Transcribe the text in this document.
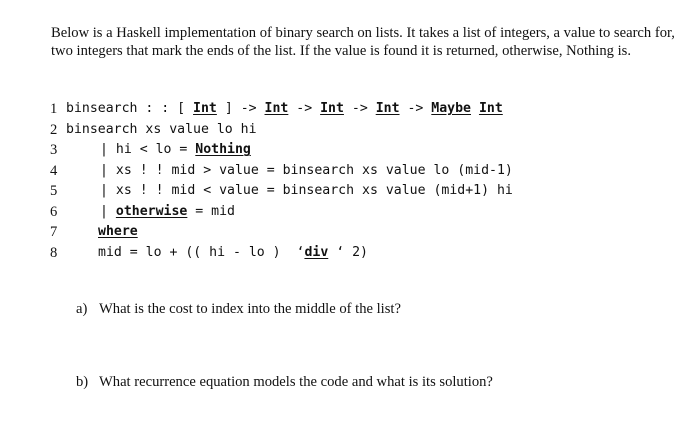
Below is a Haskell implementation of binary search on lists. It takes a list of integers, a value to search for, two integers that mark the ends of the list. If the value is found it is returned, otherwise, Nothing is.

1 binsearch : : [ Int ] -> Int -> Int -> Int -> Maybe Int
2 binsearch xs value lo hi
3	| hi < lo = Nothing
4	| xs ! ! mid > value = binsearch xs value lo (mid-1)
5	| xs ! ! mid < value = binsearch xs value (mid+1) hi
6	| otherwise = mid
7	where
8	mid = lo + (( hi - lo )  ‘div ‘ 2)
a) What is the cost to index into the middle of the list?
b) What recurrence equation models the code and what is its solution?
